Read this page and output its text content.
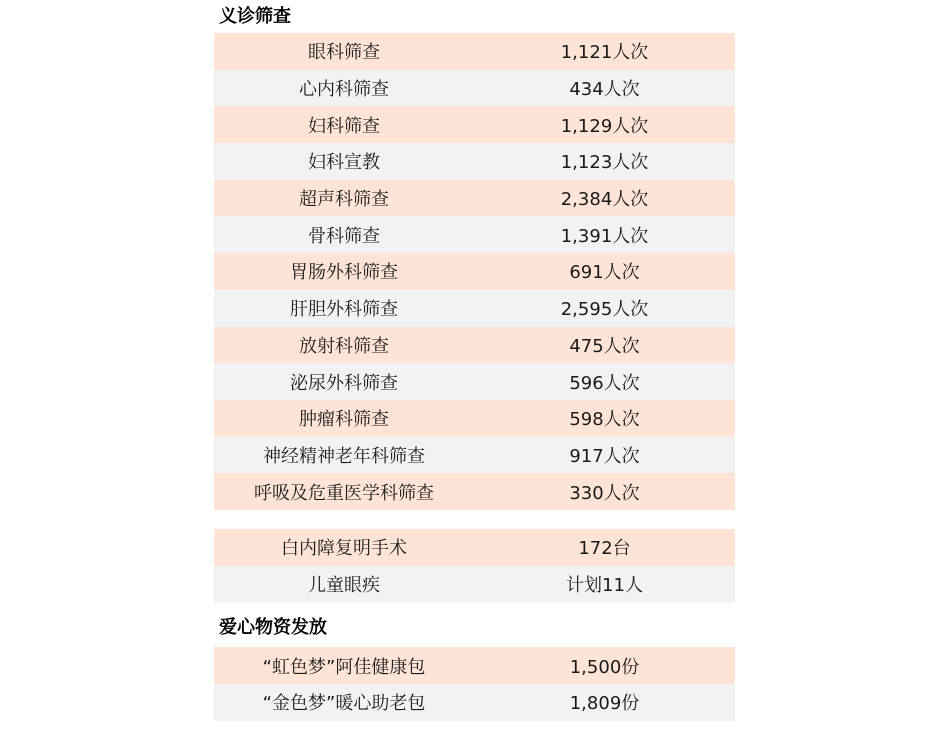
义诊筛查
眼科筛查	1,121人次
心内科筛查	434人次
妇科筛查	1,129人次
妇科宣教	1,123人次
超声科筛查	2,384人次
骨科筛查	1,391人次
胃肠外科筛查	691人次
肝胆外科筛查	2,595人次
放射科筛查	475人次
泌尿外科筛查	596人次
肿瘤科筛查	598人次
神经精神老年科筛查	917人次
呼吸及危重医学科筛查	330人次
白内障复明手术	172台
儿童眼疾	计划11人
爱心物资发放
“虹色梦”阿佳健康包	1,500份
“金色梦”暖心助老包	1,809份
